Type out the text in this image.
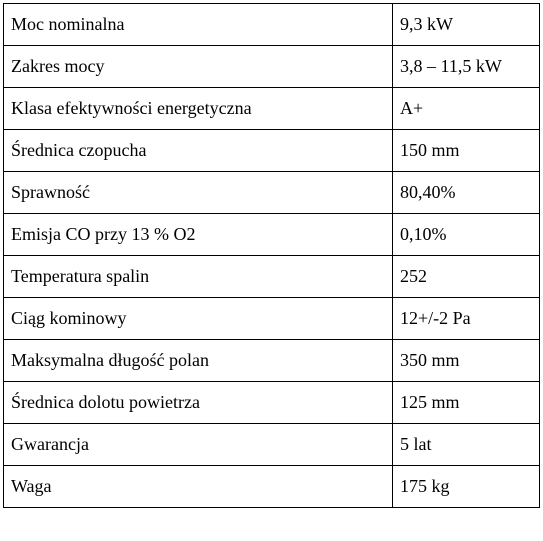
Moc nominalna	9,3 kW
Zakres mocy	3,8 – 11,5 kW
Klasa efektywności energetyczna	A+
Średnica czopucha	150 mm
Sprawność	80,40%
Emisja CO przy 13 % O2	0,10%
Temperatura spalin	252
Ciąg kominowy	12+/-2 Pa
Maksymalna długość polan	350 mm
Średnica dolotu powietrza	125 mm
Gwarancja	5 lat
Waga	175 kg
